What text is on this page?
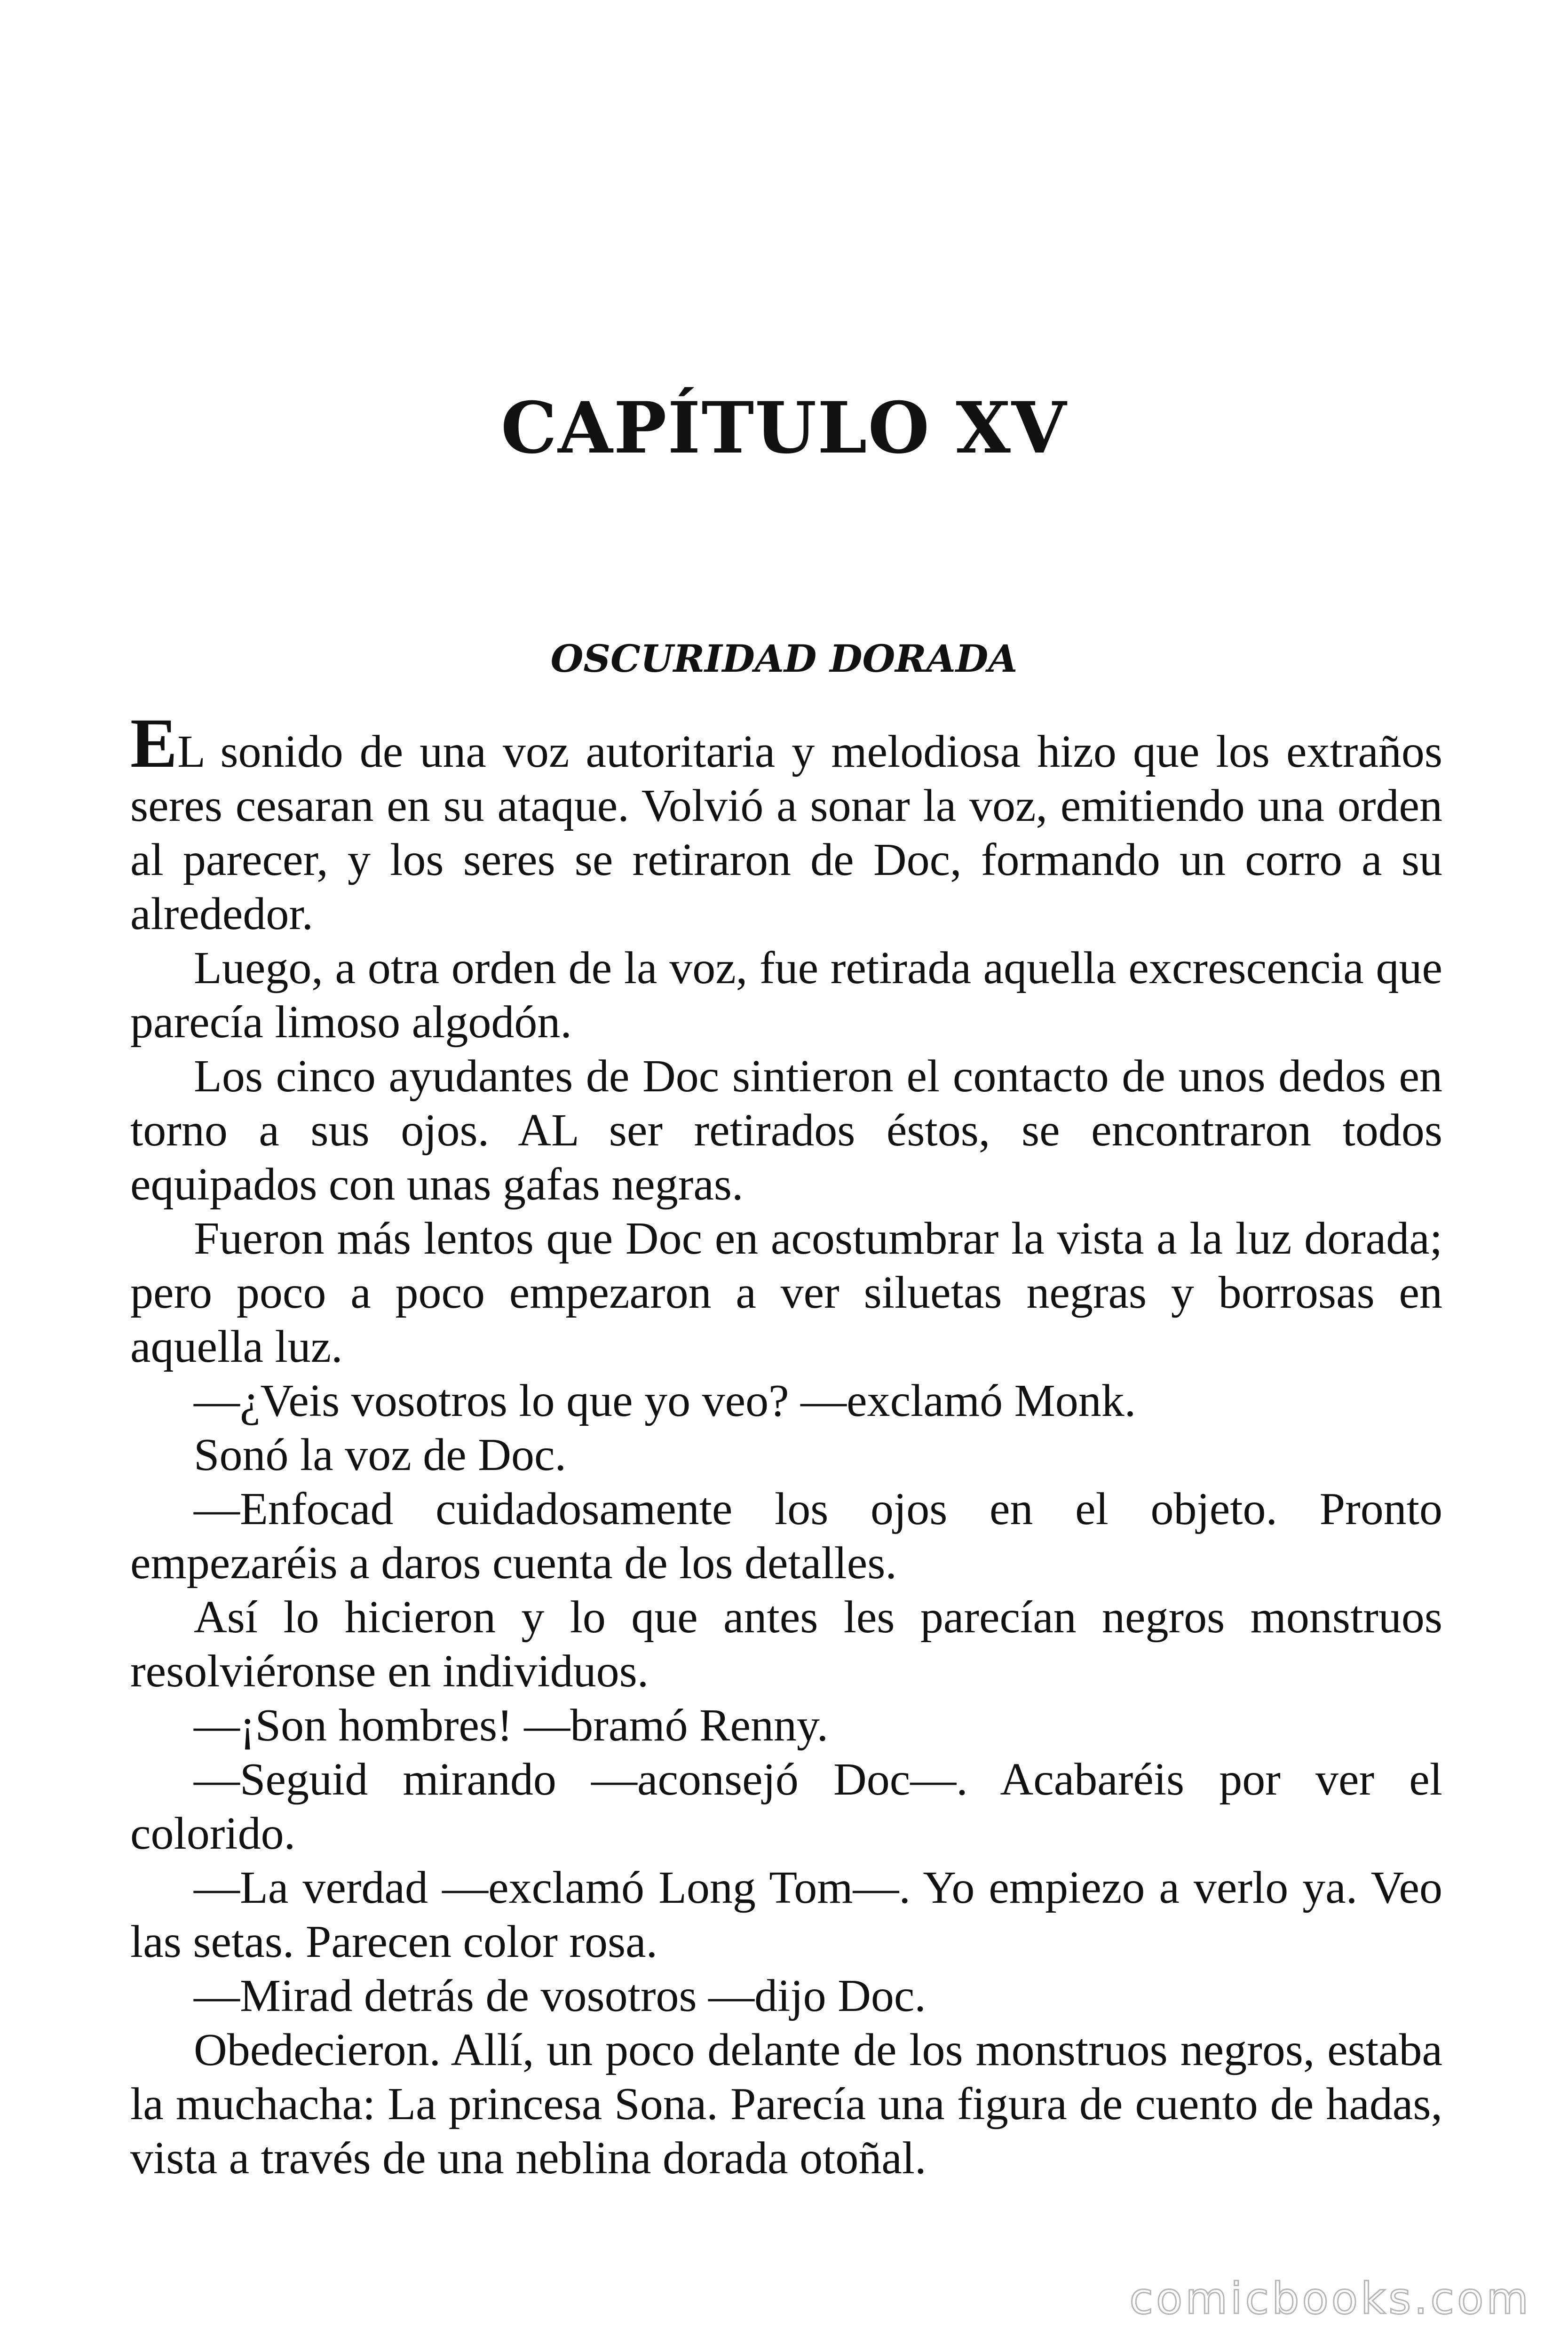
CAPÍTULO XV
OSCURIDAD DORADA

EL sonido de una voz autoritaria y melodiosa hizo que los extraños seres cesaran en su ataque. Volvió a sonar la voz, emitiendo una orden al parecer, y los seres se retiraron de Doc, formando un corro a su alrededor.

Luego, a otra orden de la voz, fue retirada aquella excrescencia que parecía limoso algodón.

Los cinco ayudantes de Doc sintieron el contacto de unos dedos en torno a sus ojos. AL ser retirados éstos, se encontraron todos equipados con unas gafas negras.

Fueron más lentos que Doc en acostumbrar la vista a la luz dorada; pero poco a poco empezaron a ver siluetas negras y borrosas en aquella luz.

—¿Veis vosotros lo que yo veo? —exclamó Monk.

Sonó la voz de Doc.

—Enfocad cuidadosamente los ojos en el objeto. Pronto empezaréis a daros cuenta de los detalles.

Así lo hicieron y lo que antes les parecían negros monstruos resolviéronse en individuos.

—¡Son hombres! —bramó Renny.

—Seguid mirando —aconsejó Doc—. Acabaréis por ver el colorido.

—La verdad —exclamó Long Tom—. Yo empiezo a verlo ya. Veo las setas. Parecen color rosa.

—Mirad detrás de vosotros —dijo Doc.

Obedecieron. Allí, un poco delante de los monstruos negros, estaba la muchacha: La princesa Sona. Parecía una figura de cuento de hadas, vista a través de una neblina dorada otoñal.

comicbooks.com
